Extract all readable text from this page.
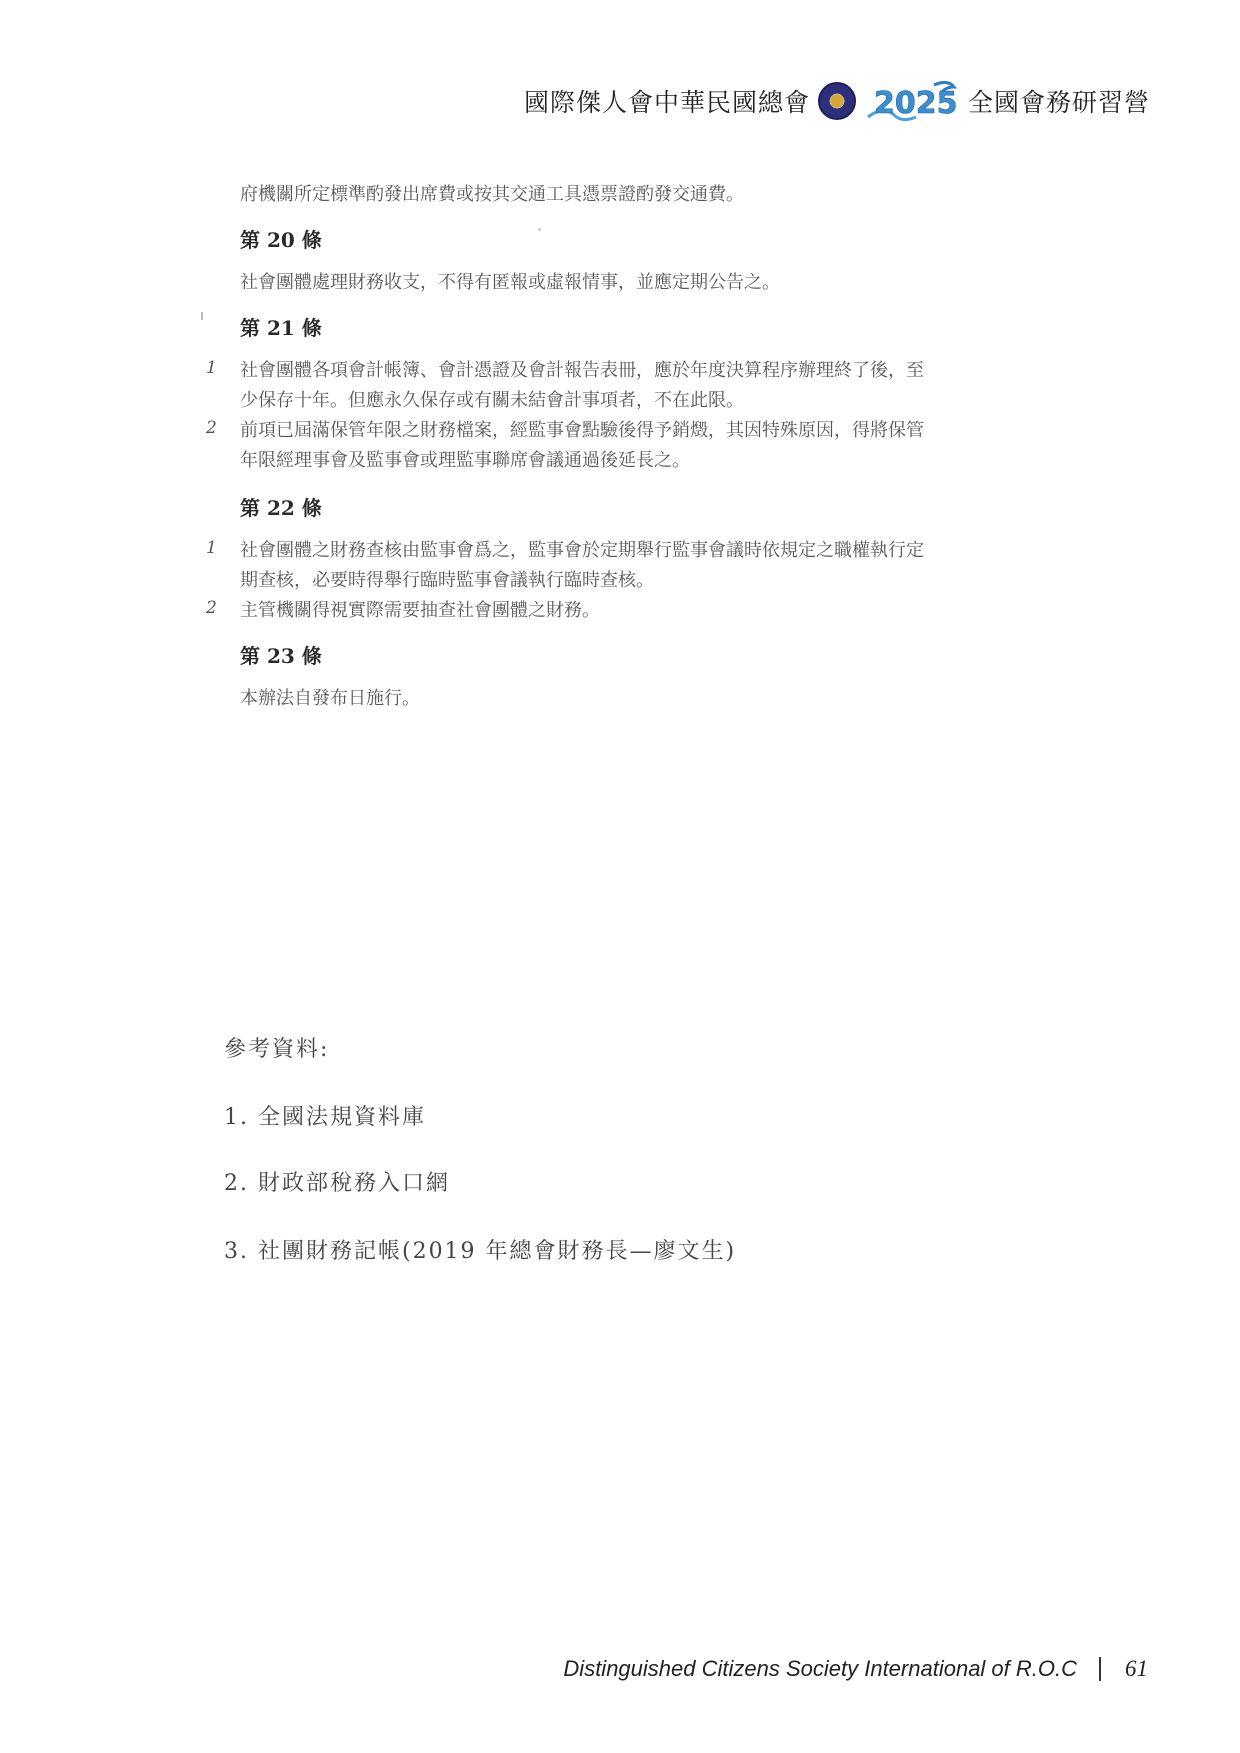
國際傑人會中華民國總會 2025 全國會務研習營

府機關所定標準酌發出席費或按其交通工具憑票證酌發交通費。

第 20 條

社會團體處理財務收支，不得有匿報或虛報情事，並應定期公告之。

第 21 條
1 社會團體各項會計帳簿、會計憑證及會計報告表冊，應於年度決算程序辦理終了後，至

少保存十年。但應永久保存或有關未結會計事項者，不在此限。

2 前項已屆滿保管年限之財務檔案，經監事會點驗後得予銷燬，其因特殊原因，得將保管

年限經理事會及監事會或理監事聯席會議通過後延長之。

第 22 條
1 社會團體之財務查核由監事會爲之，監事會於定期舉行監事會議時依規定之職權執行定

期查核，必要時得舉行臨時監事會議執行臨時查核。

2 主管機關得視實際需要抽查社會團體之財務。

第 23 條

本辦法自發布日施行。

參考資料:
1. 全國法規資料庫
2. 財政部稅務入口網
3. 社團財務記帳(2019 年總會財務長—廖文生)
Distinguished Citizens Society International of R.O.C 61
